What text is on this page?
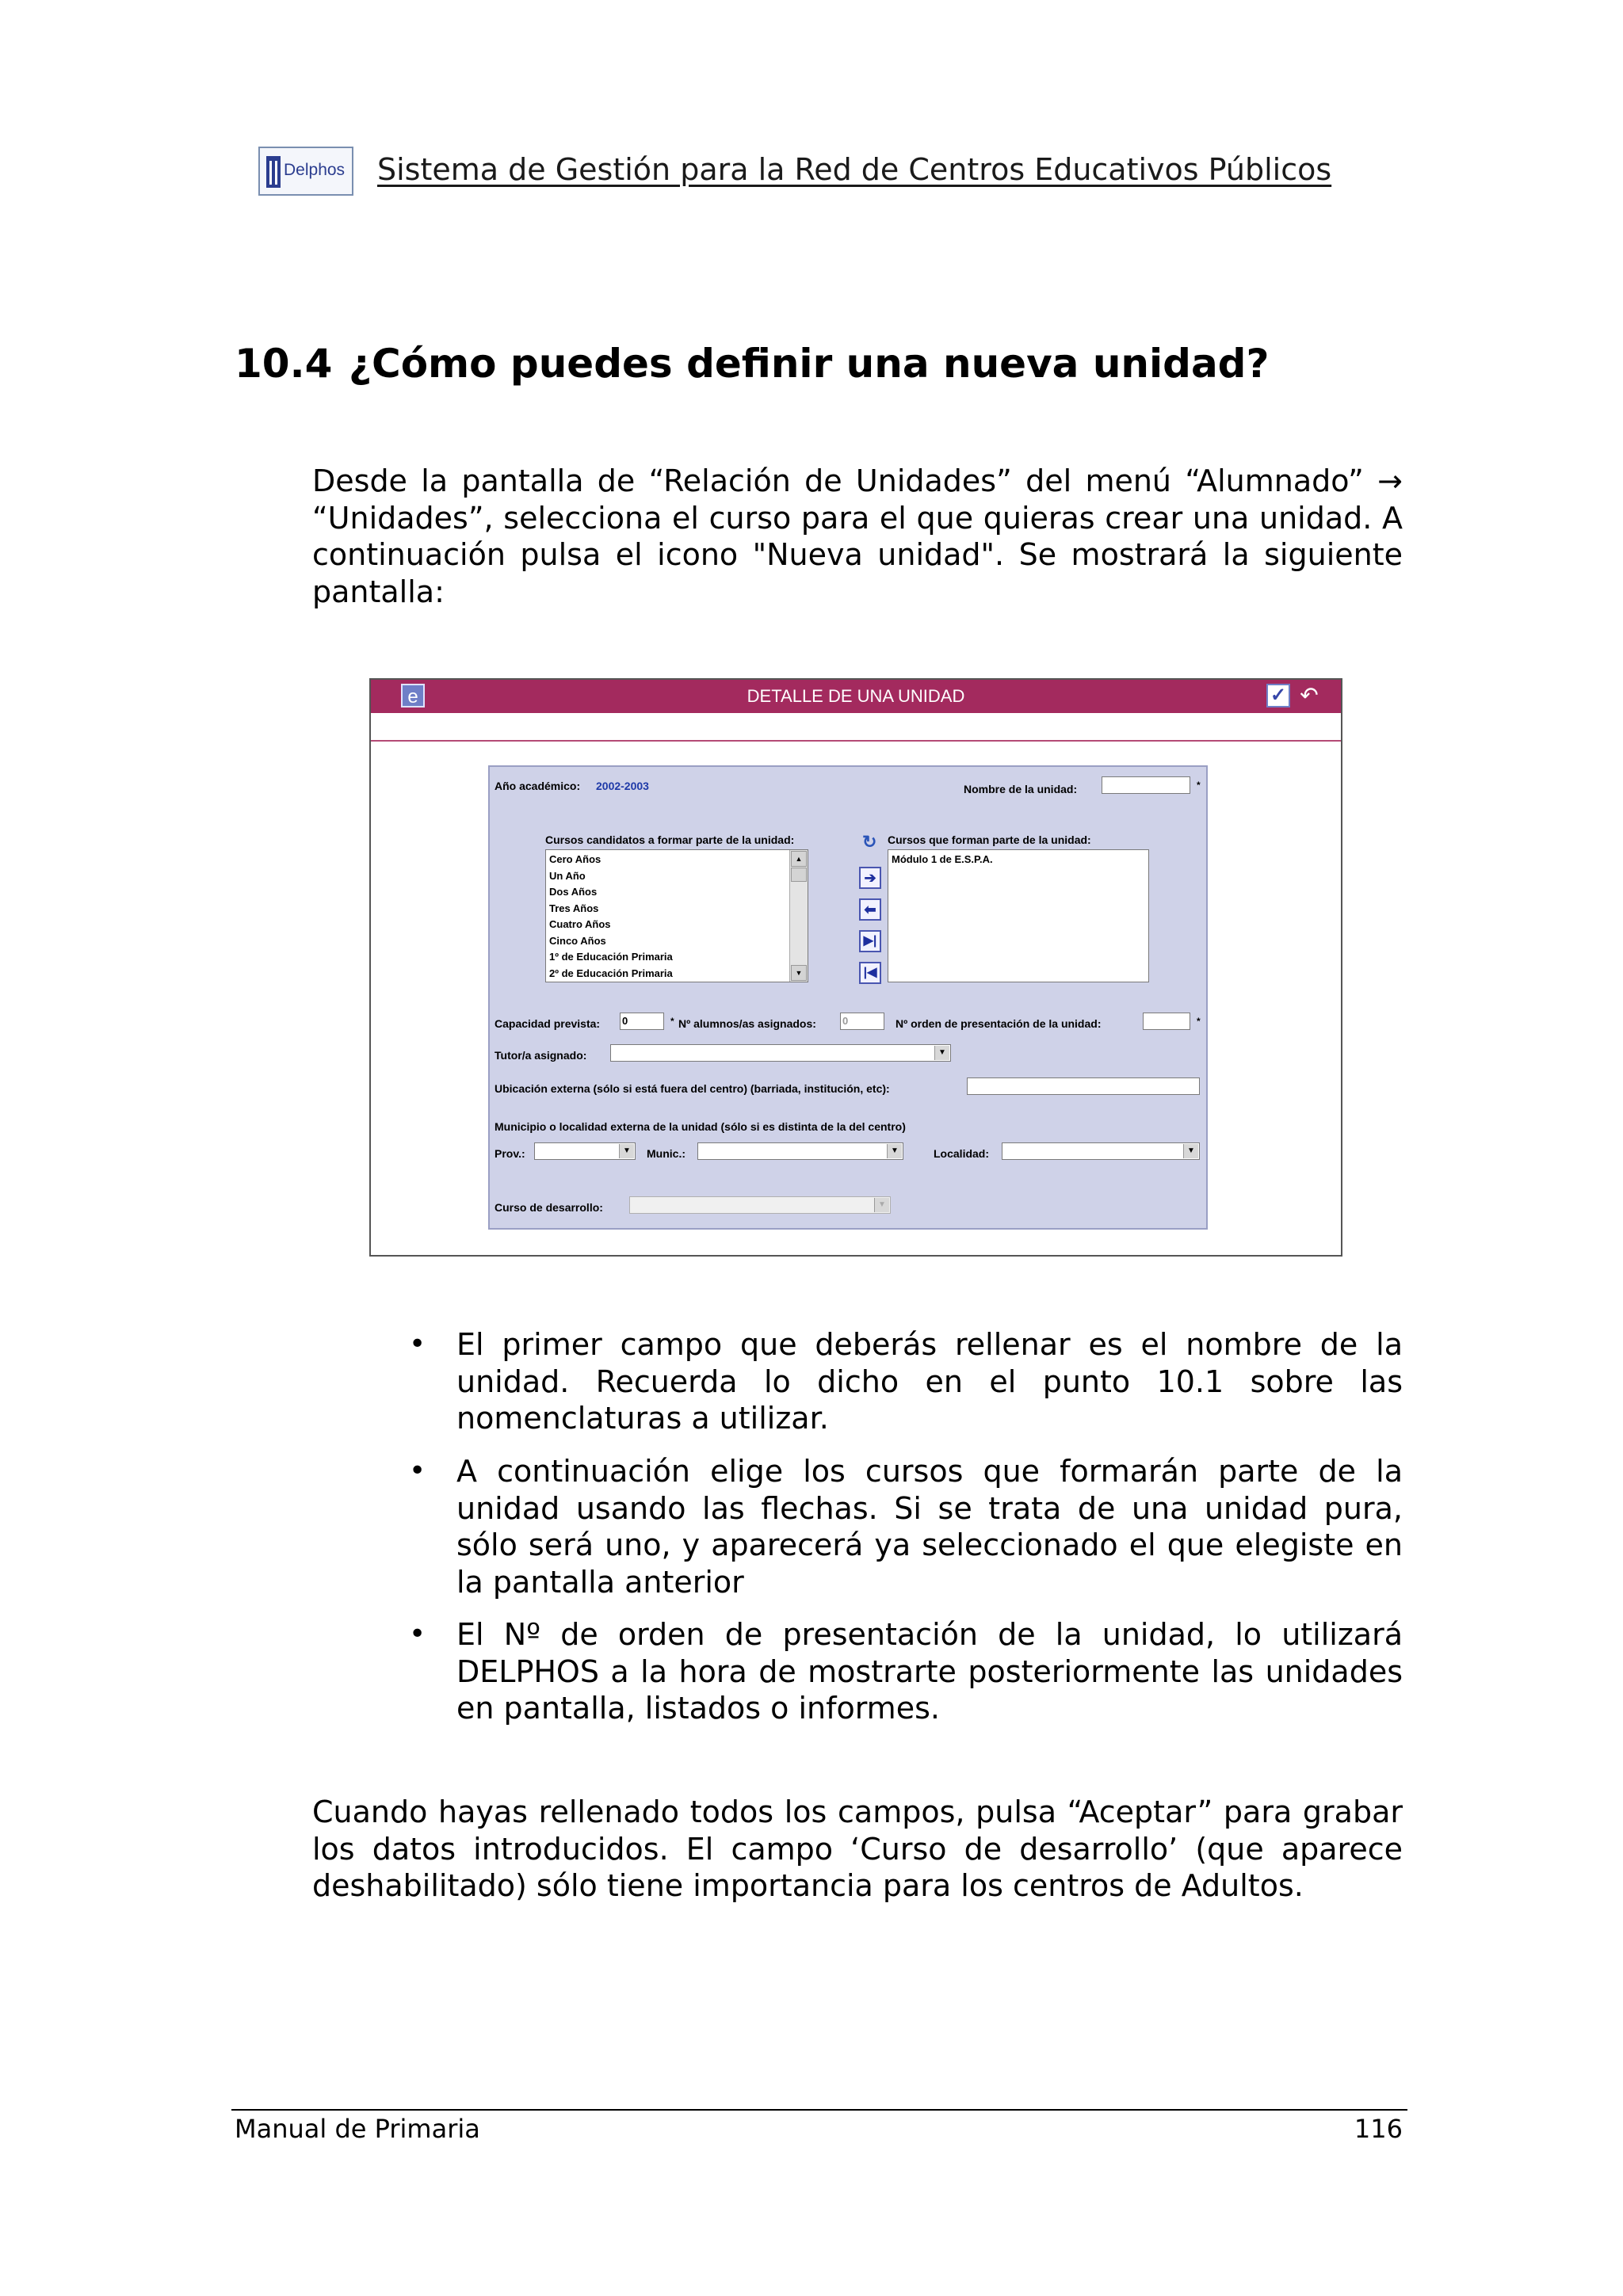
Delphos Sistema de Gestión para la Red de Centros Educativos Públicos
10.4 ¿Cómo puedes definir una nueva unidad?
Desde la pantalla de “Relación de Unidades” del menú “Alumnado” →
“Unidades”, selecciona el curso para el que quieras crear una unidad. A
continuación pulsa el icono "Nueva unidad". Se mostrará la siguiente
pantalla:
DETALLE DE UNA UNIDAD
e	✓ ↶
Año académico: 2002-2003	Nombre de la unidad:	*
Cursos candidatos a formar parte de la unidad:	↻ Cursos que forman parte de la unidad:
Cero Años
Un Año
Dos Años
Tres Años
Cuatro Años
Cinco Años
1º de Educación Primaria
2º de Educación Primaria
▲
▼
➔
⬅
▶|
|◀
Módulo 1 de E.S.P.A.
Capacidad prevista: 0	* Nº alumnos/as asignados:	0	Nº orden de presentación de la unidad:	*
Tutor/a asignado:	▼
Ubicación externa (sólo si está fuera del centro) (barriada, institución, etc):
Municipio o localidad externa de la unidad (sólo si es distinta de la del centro)
Prov.:	▼ Munic.:	▼	Localidad:	▼
Curso de desarrollo:	▼
• El primer campo que deberás rellenar es el nombre de la
unidad. Recuerda lo dicho en el punto 10.1 sobre las
nomenclaturas a utilizar.
• A continuación elige los cursos que formarán parte de la
unidad usando las flechas. Si se trata de una unidad pura,
sólo será uno, y aparecerá ya seleccionado el que elegiste en
la pantalla anterior
• El Nº de orden de presentación de la unidad, lo utilizará
DELPHOS a la hora de mostrarte posteriormente las unidades
en pantalla, listados o informes.
Cuando hayas rellenado todos los campos, pulsa “Aceptar” para grabar
los datos introducidos. El campo ‘Curso de desarrollo’ (que aparece
deshabilitado) sólo tiene importancia para los centros de Adultos.
Manual de Primaria	116
